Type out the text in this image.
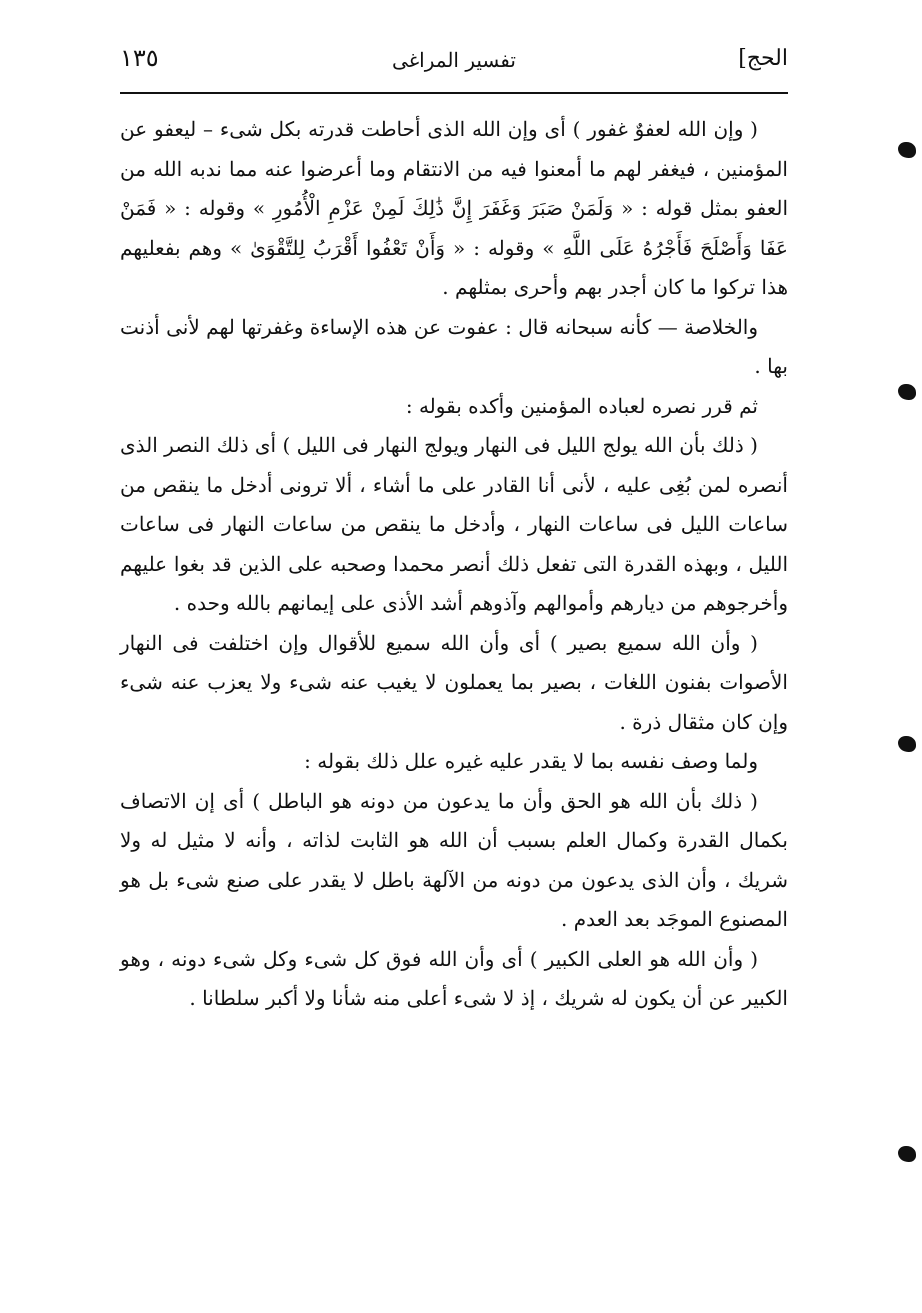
الحج]
تفسير المراغى
١٣٥

( وإن الله لعفوٌ غفور ) أى وإن الله الذى أحاطت قدرته بكل شىء – ليعفو عن المؤمنين ، فيغفر لهم ما أمعنوا فيه من الانتقام وما أعرضوا عنه مما ندبه الله من العفو بمثل قوله : « وَلَمَنْ صَبَرَ وَغَفَرَ إِنَّ ذَٰلِكَ لَمِنْ عَزْمِ الْأُمُورِ » وقوله : « فَمَنْ عَفَا وَأَصْلَحَ فَأَجْرُهُ عَلَى اللَّهِ » وقوله : « وَأَنْ تَعْفُوا أَقْرَبُ لِلتَّقْوَىٰ » وهم بفعليهم هذا تركوا ما كان أجدر بهم وأحرى بمثلهم .

والخلاصة — كأنه سبحانه قال : عفوت عن هذه الإساءة وغفرتها لهم لأنى أذنت بها .

ثم قرر نصره لعباده المؤمنين وأكده بقوله :

( ذلك بأن الله يولج الليل فى النهار ويولج النهار فى الليل ) أى ذلك النصر الذى أنصره لمن بُغِى عليه ، لأنى أنا القادر على ما أشاء ، ألا ترونى أدخل ما ينقص من ساعات الليل فى ساعات النهار ، وأدخل ما ينقص من ساعات النهار فى ساعات الليل ، وبهذه القدرة التى تفعل ذلك أنصر محمدا وصحبه على الذين قد بغوا عليهم وأخرجوهم من ديارهم وأموالهم وآذوهم أشد الأذى على إيمانهم بالله وحده .

( وأن الله سميع بصير ) أى وأن الله سميع للأقوال وإن اختلفت فى النهار الأصوات بفنون اللغات ، بصير بما يعملون لا يغيب عنه شىء ولا يعزب عنه شىء وإن كان مثقال ذرة .

ولما وصف نفسه بما لا يقدر عليه غيره علل ذلك بقوله :

( ذلك بأن الله هو الحق وأن ما يدعون من دونه هو الباطل ) أى إن الاتصاف بكمال القدرة وكمال العلم بسبب أن الله هو الثابت لذاته ، وأنه لا مثيل له ولا شريك ، وأن الذى يدعون من دونه من الآلهة باطل لا يقدر على صنع شىء بل هو المصنوع الموجَد بعد العدم .

( وأن الله هو العلى الكبير ) أى وأن الله فوق كل شىء وكل شىء دونه ، وهو الكبير عن أن يكون له شريك ، إذ لا شىء أعلى منه شأنا ولا أكبر سلطانا .
